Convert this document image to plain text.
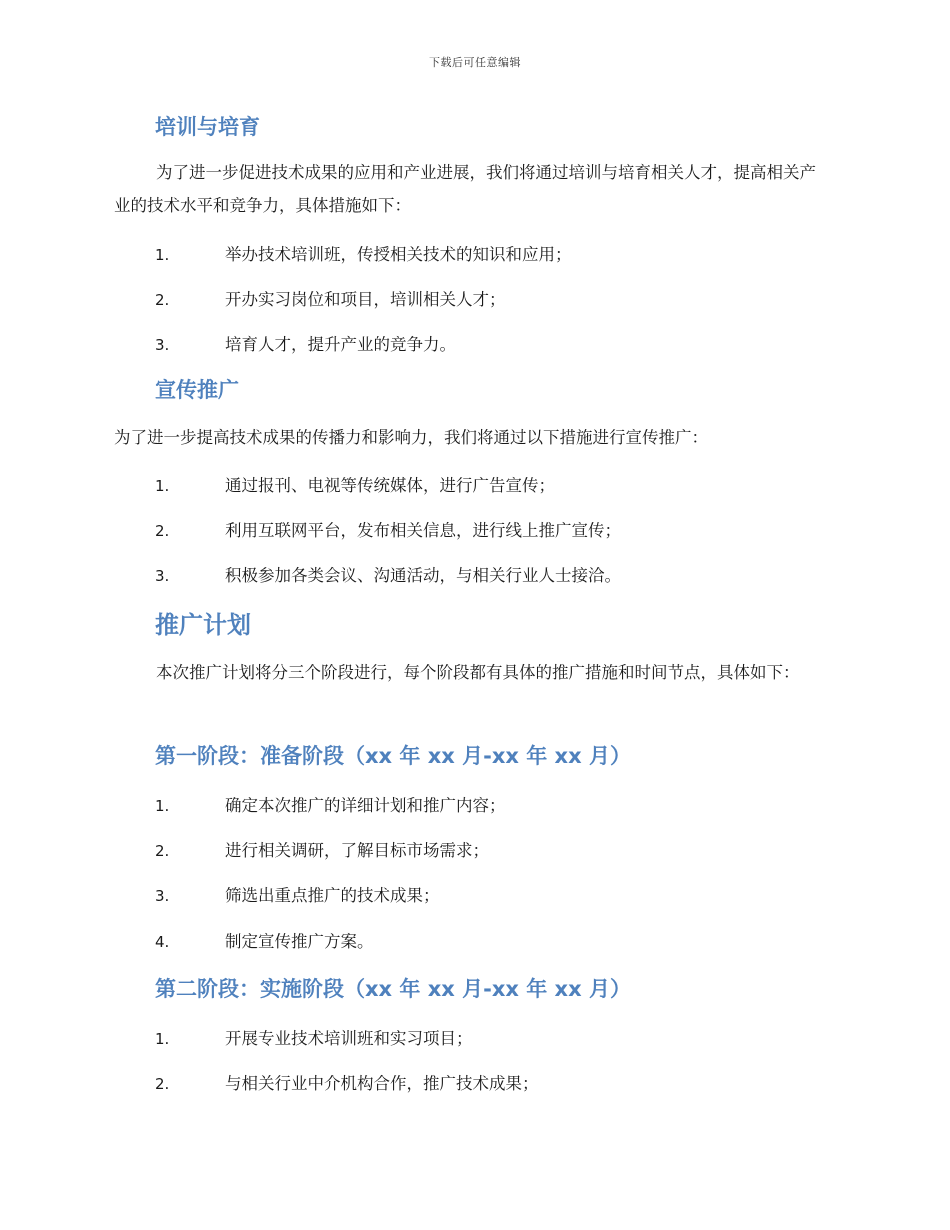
下载后可任意编辑
培训与培育

为了进一步促进技术成果的应用和产业进展，我们将通过培训与培育相关人才，提高相关产业的技术水平和竞争力，具体措施如下：

1.	举办技术培训班，传授相关技术的知识和应用；
2.	开办实习岗位和项目，培训相关人才；
3.	培育人才，提升产业的竞争力。
宣传推广

为了进一步提高技术成果的传播力和影响力，我们将通过以下措施进行宣传推广：

1.	通过报刊、电视等传统媒体，进行广告宣传；
2.	利用互联网平台，发布相关信息，进行线上推广宣传；
3.	积极参加各类会议、沟通活动，与相关行业人士接洽。
推广计划

本次推广计划将分三个阶段进行，每个阶段都有具体的推广措施和时间节点，具体如下：

第一阶段：准备阶段（xx 年 xx 月-xx 年 xx 月）
1.	确定本次推广的详细计划和推广内容；
2.	进行相关调研，了解目标市场需求；
3.	筛选出重点推广的技术成果；
4.	制定宣传推广方案。
第二阶段：实施阶段（xx 年 xx 月-xx 年 xx 月）
1.	开展专业技术培训班和实习项目；
2.	与相关行业中介机构合作，推广技术成果；
